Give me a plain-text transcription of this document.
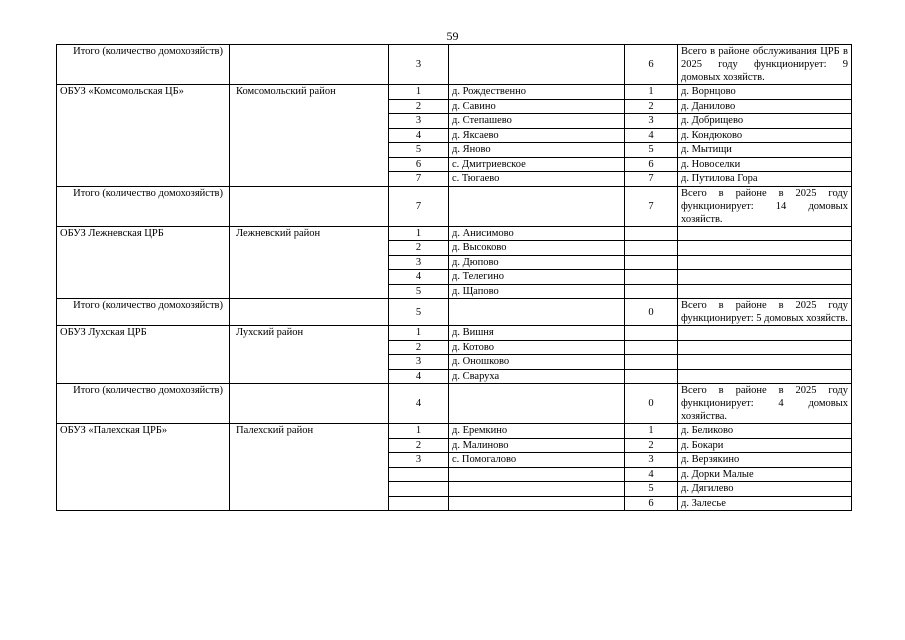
59
Итого (количество домохозяйств)		3		6	Всего в районе обслуживания ЦРБ в 2025 году функционирует: 9 домовых хозяйств.
ОБУЗ «Комсомольская ЦБ»	Комсомольский район	1	д. Рождественно	1	д. Ворнцово
		2	д. Савино	2	д. Данилово
		3	д. Степашево	3	д. Добрищево
		4	д. Яксаево	4	д. Кондюково
		5	д. Яново	5	д. Мытищи
		6	с. Дмитриевское	6	д. Новоселки
		7	с. Тюгаево	7	д. Путилова Гора
Итого (количество домохозяйств)		7		7	Всего в районе в 2025 году функционирует: 14 домовых хозяйств.
ОБУЗ Лежневская ЦРБ	Лежневский район	1	д. Анисимово		
		2	д. Высоково		
		3	д. Дюпово		
		4	д. Телегино		
		5	д. Щапово		
Итого (количество домохозяйств)		5		0	Всего в районе в 2025 году функционирует: 5 домовых хозяйств.
ОБУЗ Лухская ЦРБ	Лухский район	1	д. Вишня		
		2	д. Котово		
		3	д. Оношково		
		4	д. Сваруха		
Итого (количество домохозяйств)		4		0	Всего в районе в 2025 году функционирует: 4 домовых хозяйства.
ОБУЗ «Палехская ЦРБ»	Палехский район	1	д. Еремкино	1	д. Беликово
		2	д. Малиново	2	д. Бокари
		3	с. Помогалово	3	д. Верзякино
				4	д. Дорки Малые
				5	д. Дягилево
				6	д. Залесье
